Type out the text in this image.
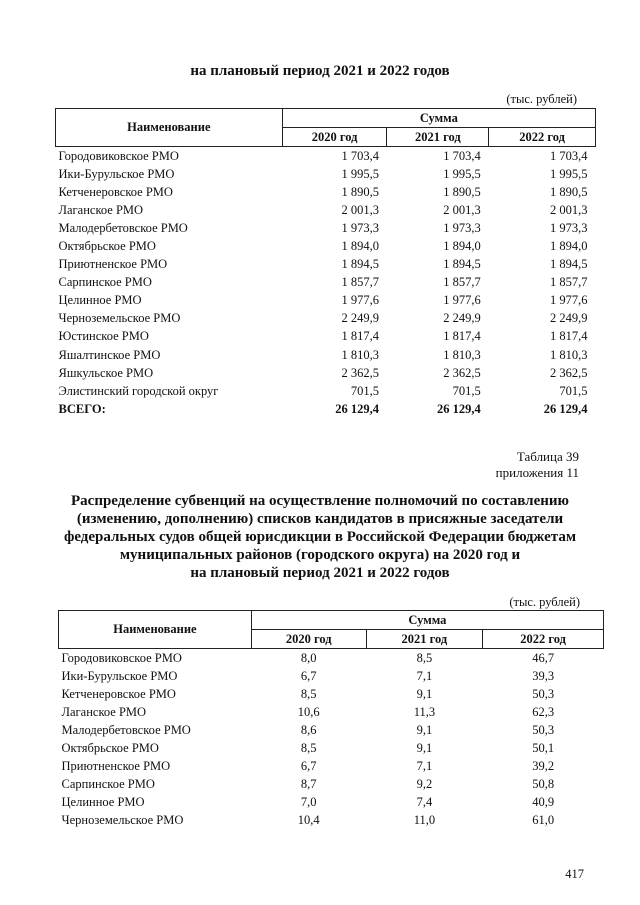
на плановый период 2021 и 2022 годов
(тыс. рублей)
Наименование	Сумма		
	2020 год	2021 год	2022 год
Городовиковское РМО	1 703,4	1 703,4	1 703,4
Ики-Бурульское РМО	1 995,5	1 995,5	1 995,5
Кетченеровское РМО	1 890,5	1 890,5	1 890,5
Лаганское РМО	2 001,3	2 001,3	2 001,3
Малодербетовское РМО	1 973,3	1 973,3	1 973,3
Октябрьское РМО	1 894,0	1 894,0	1 894,0
Приютненское РМО	1 894,5	1 894,5	1 894,5
Сарпинское РМО	1 857,7	1 857,7	1 857,7
Целинное РМО	1 977,6	1 977,6	1 977,6
Черноземельское РМО	2 249,9	2 249,9	2 249,9
Юстинское РМО	1 817,4	1 817,4	1 817,4
Яшалтинское РМО	1 810,3	1 810,3	1 810,3
Яшкульское РМО	2 362,5	2 362,5	2 362,5
Элистинский городской округ	701,5	701,5	701,5
ВСЕГО:	26 129,4	26 129,4	26 129,4
Таблица 39
приложения 11
Распределение субвенций на осуществление полномочий по составлению
(изменению, дополнению) списков кандидатов в присяжные заседатели
федеральных судов общей юрисдикции в Российской Федерации бюджетам
муниципальных районов (городского округа) на 2020 год и
на плановый период 2021 и 2022 годов
(тыс. рублей)
Наименование	Сумма		
	2020 год	2021 год	2022 год
Городовиковское РМО	8,0	8,5	46,7
Ики-Бурульское РМО	6,7	7,1	39,3
Кетченеровское РМО	8,5	9,1	50,3
Лаганское РМО	10,6	11,3	62,3
Малодербетовское РМО	8,6	9,1	50,3
Октябрьское РМО	8,5	9,1	50,1
Приютненское РМО	6,7	7,1	39,2
Сарпинское РМО	8,7	9,2	50,8
Целинное РМО	7,0	7,4	40,9
Черноземельское РМО	10,4	11,0	61,0
417
